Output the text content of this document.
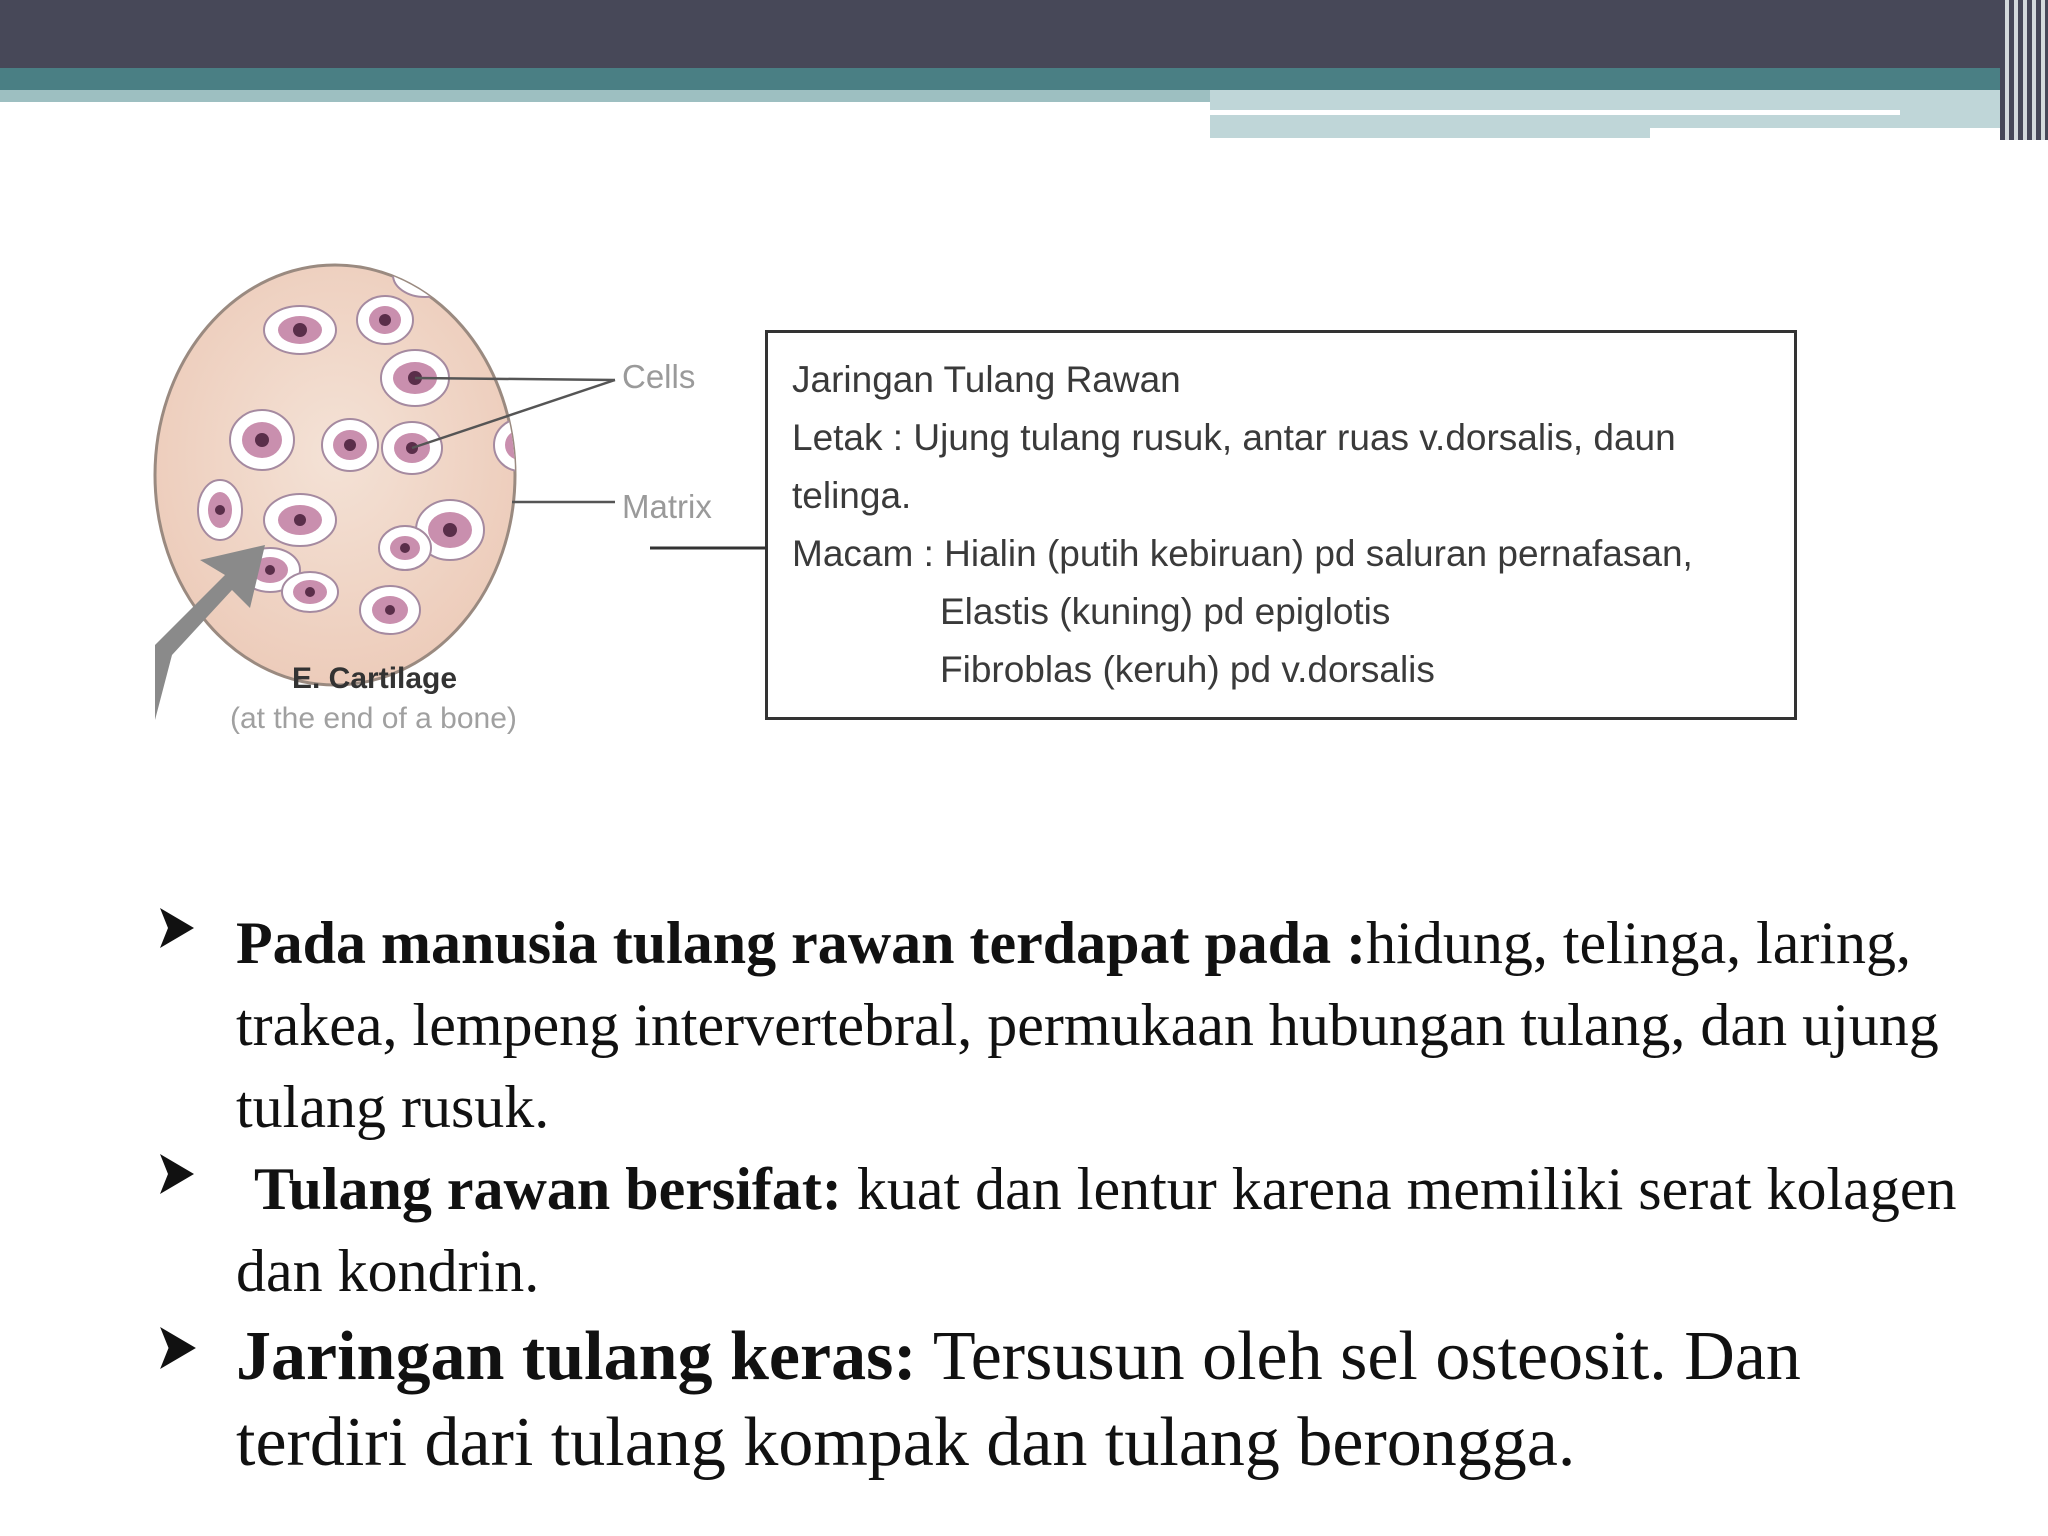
Cells
Matrix
E. Cartilage
(at the end of a bone)
Jaringan Tulang Rawan
Letak : Ujung tulang rusuk, antar ruas v.dorsalis, daun
telinga.
Macam : Hialin (putih kebiruan) pd saluran pernafasan,
Elastis (kuning) pd epiglotis
Fibroblas (keruh) pd v.dorsalis
Pada manusia tulang rawan terdapat pada :hidung, telinga, laring, trakea, lempeng intervertebral, permukaan hubungan tulang, dan ujung tulang rusuk.
Tulang rawan bersifat: kuat dan lentur karena memiliki serat kolagen dan kondrin.
Jaringan tulang keras: Tersusun oleh sel osteosit. Dan terdiri dari tulang kompak dan tulang berongga.
